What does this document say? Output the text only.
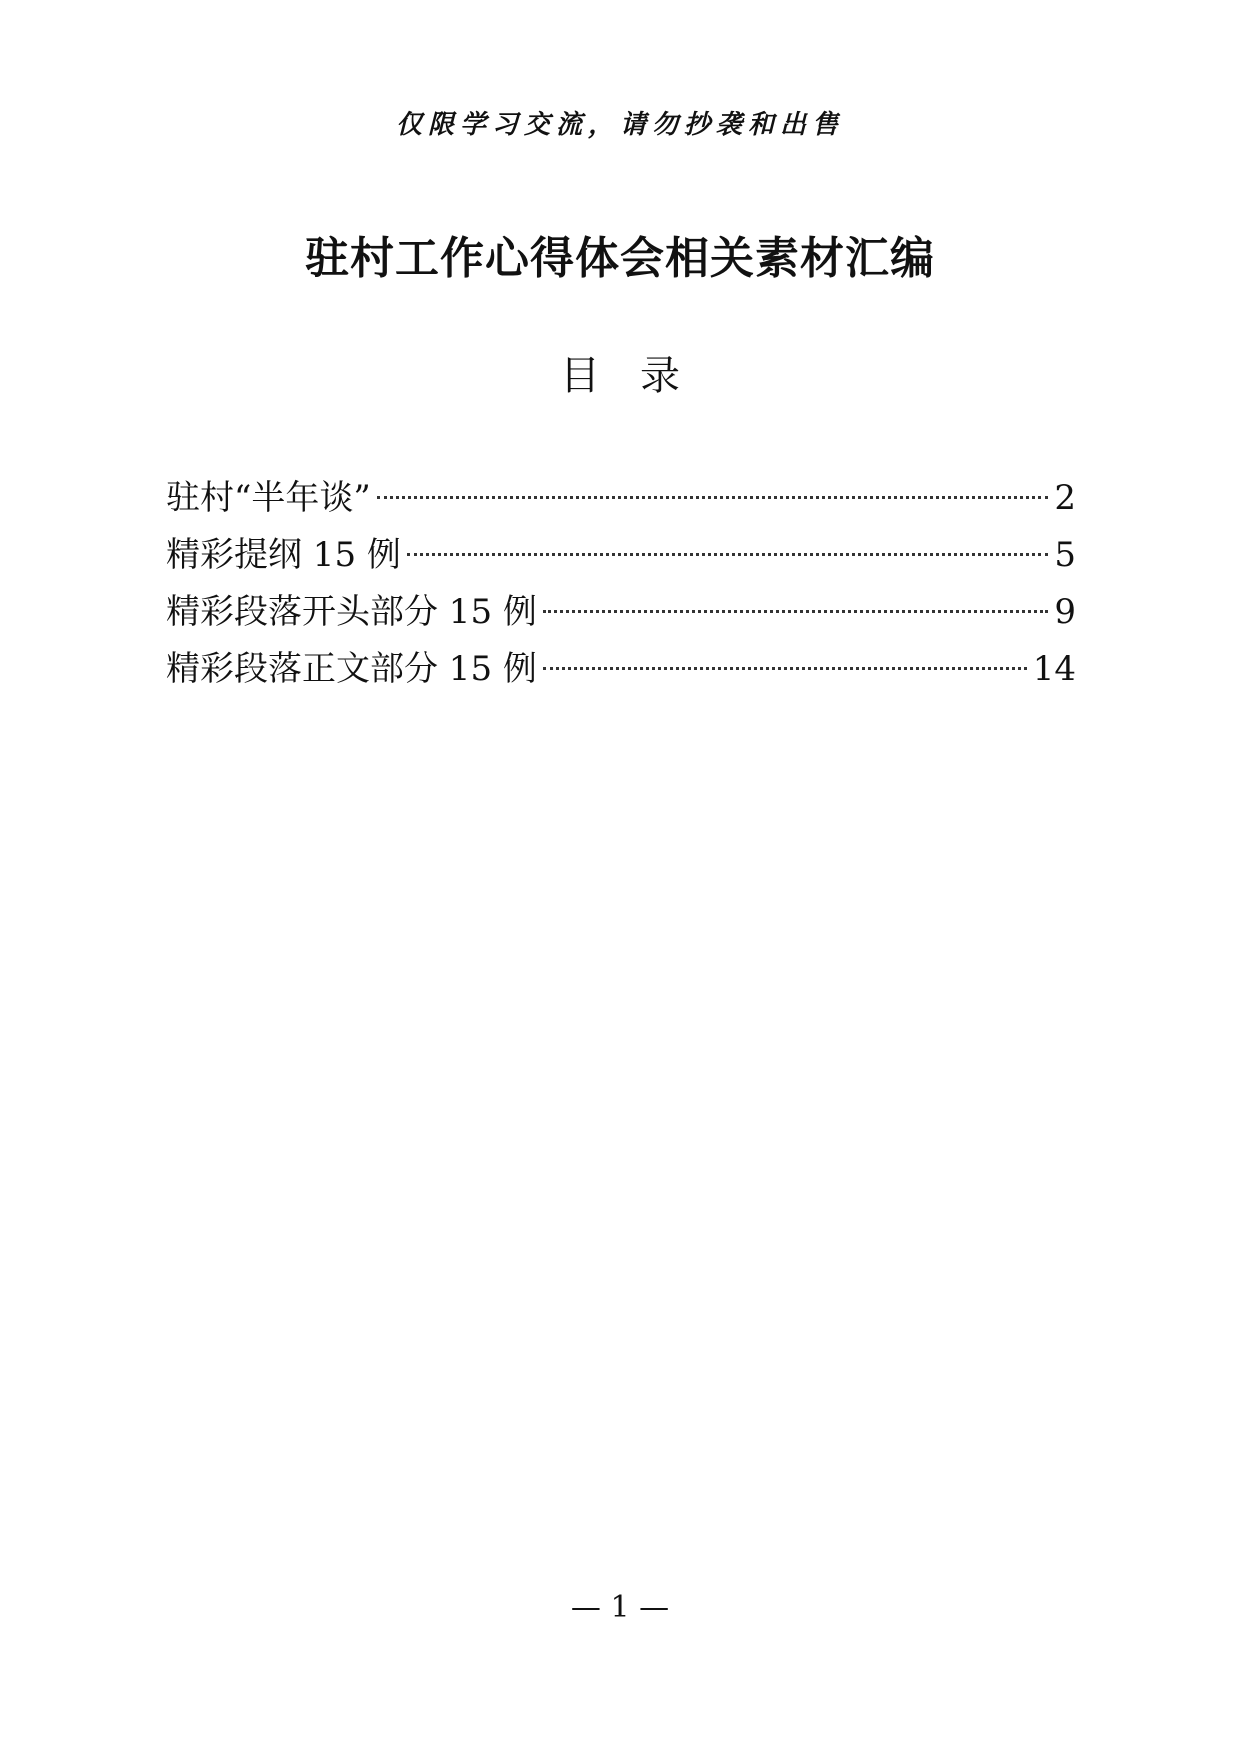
仅限学习交流，请勿抄袭和出售
驻村工作心得体会相关素材汇编
目录
驻村“半年谈”	2
精彩提纲 15 例	5
精彩段落开头部分 15 例	9
精彩段落正文部分 15 例	14
— 1 —
